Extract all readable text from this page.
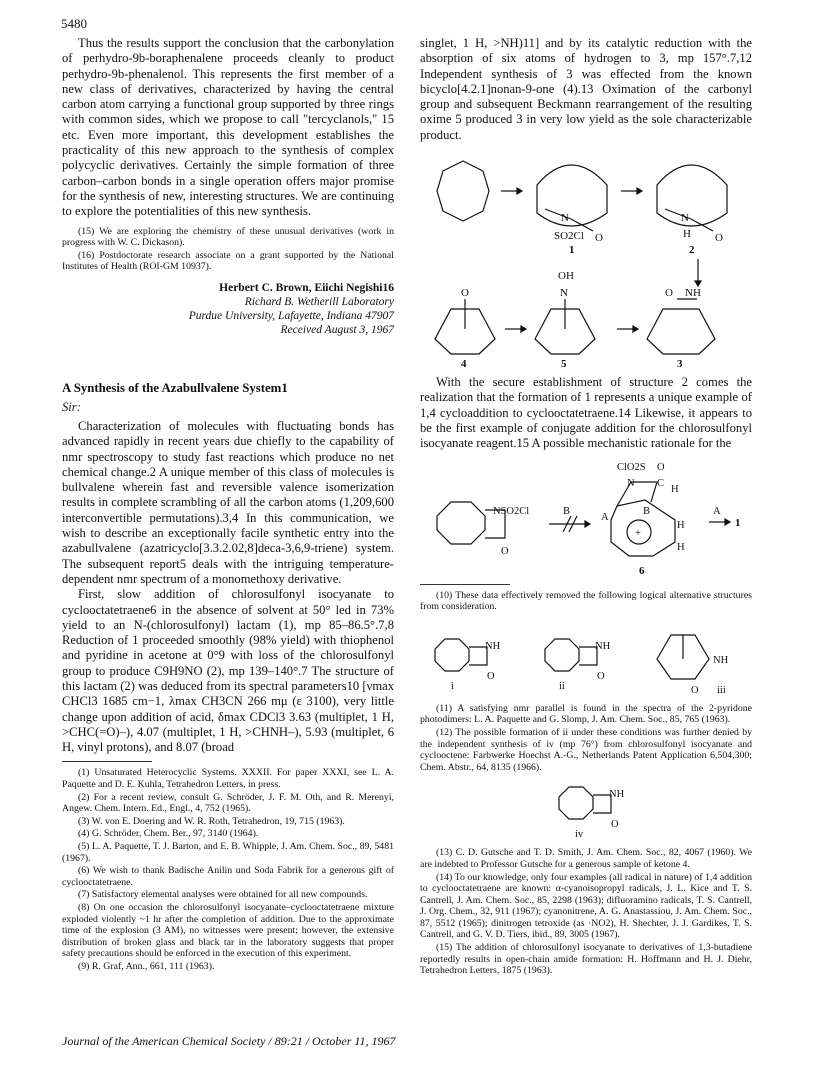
5480

Thus the results support the conclusion that the carbonylation of perhydro-9b-boraphenalene proceeds cleanly to product perhydro-9b-phenalenol. This represents the first member of a new class of derivatives, characterized by having the central carbon atom carrying a functional group supported by three rings with common sides, which we propose to call "tercyclanols," 15 etc. Even more important, this development establishes the practicality of this new approach to the synthesis of complex polycyclic derivatives. Certainly the simple formation of three carbon–carbon bonds in a single operation offers major promise for the synthesis of new, interesting structures. We are continuing to explore the potentialities of this new synthesis.

(15) We are exploring the chemistry of these unusual derivatives (work in progress with W. C. Dickason).

(16) Postdoctorate research associate on a grant supported by the National Institutes of Health (ROI-GM 10937).

Herbert C. Brown, Eiichi Negishi16
Richard B. Wetherill Laboratory
Purdue University, Lafayette, Indiana 47907
Received August 3, 1967
A Synthesis of the Azabullvalene System1
Sir:

Characterization of molecules with fluctuating bonds has advanced rapidly in recent years due chiefly to the capability of nmr spectroscopy to study fast reactions which produce no net chemical change.2 A unique member of this class of molecules is bullvalene wherein fast and reversible valence isomerization results in complete scrambling of all the carbon atoms (1,209,600 interconvertible permutations).3,4 In this communication, we wish to describe an exceptionally facile synthetic entry into the azabullvalene (azatricyclo[3.3.2.02,8]deca-3,6,9-triene) system. The subsequent report5 deals with the intriguing temperature-dependent nmr spectrum of a monomethoxy derivative.

First, slow addition of chlorosulfonyl isocyanate to cyclooctatetraene6 in the absence of solvent at 50° led in 73% yield to an N-(chlorosulfonyl) lactam (1), mp 85–86.5°.7,8 Reduction of 1 proceeded smoothly (98% yield) with thiophenol and pyridine in acetone at 0°9 with loss of the chlorosulfonyl group to produce C9H9NO (2), mp 139–140°.7 The structure of this lactam (2) was deduced from its spectral parameters10 [νmax CHCl3 1685 cm−1, λmax CH3CN 266 mμ (ε 3100), very little change upon addition of acid, δmax CDCl3 3.63 (multiplet, 1 H, >CHC(=O)–), 4.07 (multiplet, 1 H, >CHNH–), 5.93 (multiplet, 6 H, vinyl protons), and 8.07 (broad

(1) Unsaturated Heterocyclic Systems. XXXII. For paper XXXI, see L. A. Paquette and D. E. Kuhla, Tetrahedron Letters, in press.

(2) For a recent review, consult G. Schröder, J. F. M. Oth, and R. Merenyi, Angew. Chem. Intern. Ed., Engl., 4, 752 (1965).

(3) W. von E. Doering and W. R. Roth, Tetrahedron, 19, 715 (1963).

(4) G. Schröder, Chem. Ber., 97, 3140 (1964).

(5) L. A. Paquette, T. J. Barton, and E. B. Whipple, J. Am. Chem. Soc., 89, 5481 (1967).

(6) We wish to thank Badische Anilin und Soda Fabrik for a generous gift of cyclooctatetraene.

(7) Satisfactory elemental analyses were obtained for all new compounds.

(8) On one occasion the chlorosulfonyl isocyanate–cyclooctatetraene mixture exploded violently ~1 hr after the completion of addition. Due to the approximate time of the explosion (3 AM), no witnesses were present; however, the extensive distribution of broken glass and black tar in the laboratory suggests that proper safety precautions should be enforced in the execution of this experiment.

(9) R. Graf, Ann., 661, 111 (1963).

singlet, 1 H, >NH)11] and by its catalytic reduction with the absorption of six atoms of hydrogen to 3, mp 157°.7,12 Independent synthesis of 3 was effected from the known bicyclo[4.2.1]nonan-9-one (4).13 Oximation of the carbonyl group and subsequent Beckmann rearrangement of the resulting oxime 5 produced 3 in very low yield as the sole characterizable product.

N
O
SO2Cl
N
H O
O
OH
N	O NH
1	2
4	5	3

With the secure establishment of structure 2 comes the realization that the formation of 1 represents a unique example of 1,4 cycloaddition to cyclooctatetraene.14 Likewise, it appears to be the first example of conjugate addition for the chlorosulfonyl isocyanate reagent.15 A possible mechanistic rationale for the

NSO2Cl
O
ClO2S O
N C
H
B
A
B
H
H
+
A
6
1

(10) These data effectively removed the following logical alternative structures from consideration.

NH
O
NH
O
NH
O
i	ii	iii

(11) A satisfying nmr parallel is found in the spectra of the 2-pyridone photodimers: L. A. Paquette and G. Slomp, J. Am. Chem. Soc., 85, 765 (1963).

(12) The possible formation of ii under these conditions was further denied by the independent synthesis of iv (mp 76°) from chlorosulfonyl isocyanate and cyclooctene: Farbwerke Hoechst A.-G., Netherlands Patent Application 6,504,300; Chem. Abstr., 64, 8135 (1966).

NH
O
iv

(13) C. D. Gutsche and T. D. Smith, J. Am. Chem. Soc., 82, 4067 (1960). We are indebted to Professor Gutsche for a generous sample of ketone 4.

(14) To our knowledge, only four examples (all radical in nature) of 1,4 addition to cyclooctatetraene are known: α-cyanoisopropyl radicals, J. L. Kice and T. S. Cantrell, J. Am. Chem. Soc., 85, 2298 (1963); difluoramino radicals, T. S. Cantrell, J. Org. Chem., 32, 911 (1967); cyanonitrene, A. G. Anastassiou, J. Am. Chem. Soc., 87, 5512 (1965); dinitrogen tetroxide (as ·NO2), H. Shechter, J. J. Gardikes, T. S. Cantrell, and G. V. D. Tiers, ibid., 89, 3005 (1967).

(15) The addition of chlorosulfonyl isocyanate to derivatives of 1,3-butadiene reportedly results in open-chain amide formation: H. Hoffmann and H. J. Diehr, Tetrahedron Letters, 1875 (1963).

Journal of the American Chemical Society / 89:21 / October 11, 1967
